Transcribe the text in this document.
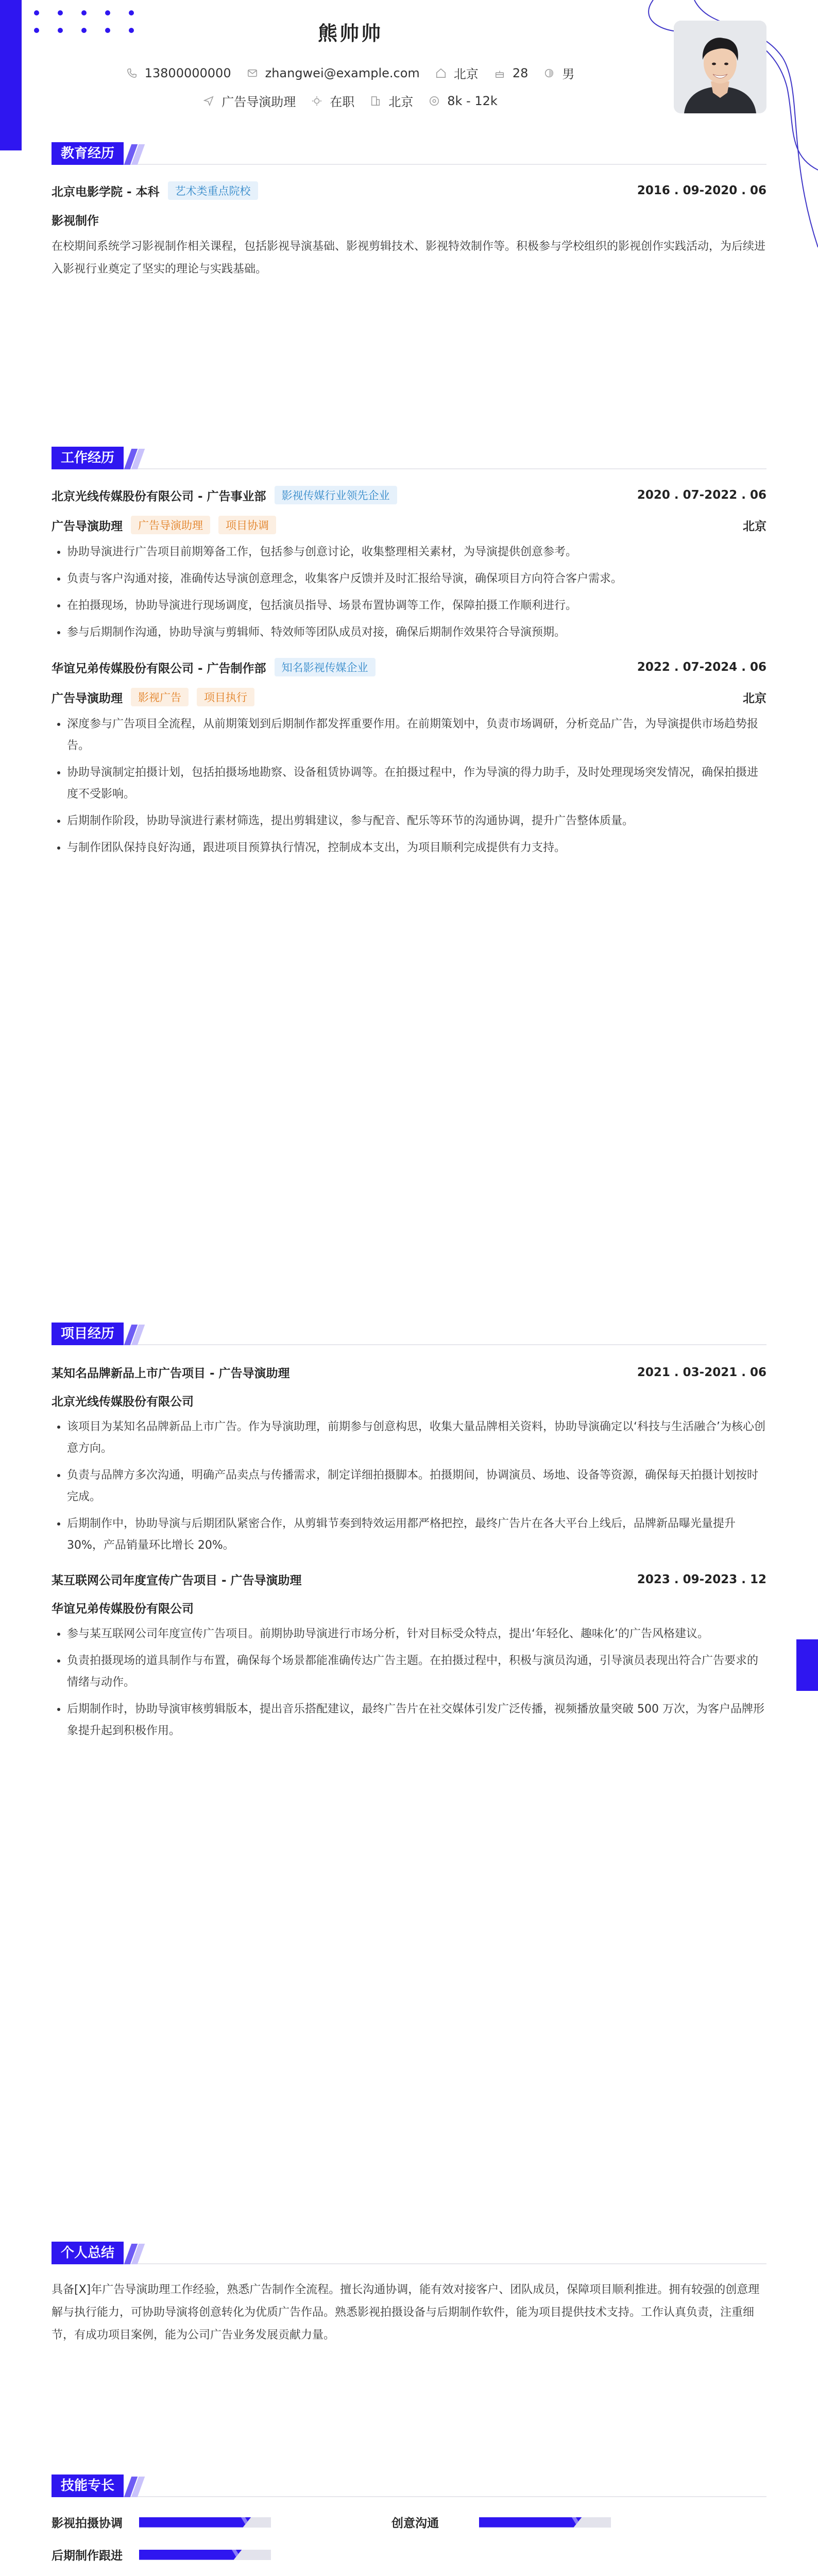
熊帅帅
13800000000	zhangwei@example.com	北京	28	男
广告导演助理	在职	北京	8k - 12k
教育经历
北京电影学院 - 本科	艺术类重点院校	2016 . 09-2020 . 06
影视制作

在校期间系统学习影视制作相关课程，包括影视导演基础、影视剪辑技术、影视特效制作等。积极参与学校组织的影视创作实践活动，为后续进入影视行业奠定了坚实的理论与实践基础。

工作经历
北京光线传媒股份有限公司 - 广告事业部	影视传媒行业领先企业	2020 . 07-2022 . 06
广告导演助理	广告导演助理	项目协调	北京
• 协助导演进行广告项目前期筹备工作，包括参与创意讨论，收集整理相关素材，为导演提供创意参考。
• 负责与客户沟通对接，准确传达导演创意理念，收集客户反馈并及时汇报给导演，确保项目方向符合客户需求。
• 在拍摄现场，协助导演进行现场调度，包括演员指导、场景布置协调等工作，保障拍摄工作顺利进行。
• 参与后期制作沟通，协助导演与剪辑师、特效师等团队成员对接，确保后期制作效果符合导演预期。
华谊兄弟传媒股份有限公司 - 广告制作部	知名影视传媒企业	2022 . 07-2024 . 06
广告导演助理	影视广告	项目执行	北京
• 深度参与广告项目全流程，从前期策划到后期制作都发挥重要作用。在前期策划中，负责市场调研，分析竞品广告，为导演提供市场趋势报告。
• 协助导演制定拍摄计划，包括拍摄场地勘察、设备租赁协调等。在拍摄过程中，作为导演的得力助手，及时处理现场突发情况，确保拍摄进度不受影响。
• 后期制作阶段，协助导演进行素材筛选，提出剪辑建议，参与配音、配乐等环节的沟通协调，提升广告整体质量。
• 与制作团队保持良好沟通，跟进项目预算执行情况，控制成本支出，为项目顺利完成提供有力支持。
项目经历
某知名品牌新品上市广告项目 - 广告导演助理	2021 . 03-2021 . 06
北京光线传媒股份有限公司
• 该项目为某知名品牌新品上市广告。作为导演助理，前期参与创意构思，收集大量品牌相关资料，协助导演确定以‘科技与生活融合’为核心创意方向。
• 负责与品牌方多次沟通，明确产品卖点与传播需求，制定详细拍摄脚本。拍摄期间，协调演员、场地、设备等资源，确保每天拍摄计划按时完成。
• 后期制作中，协助导演与后期团队紧密合作，从剪辑节奏到特效运用都严格把控，最终广告片在各大平台上线后，品牌新品曝光量提升 30%，产品销量环比增长 20%。
某互联网公司年度宣传广告项目 - 广告导演助理	2023 . 09-2023 . 12
华谊兄弟传媒股份有限公司
• 参与某互联网公司年度宣传广告项目。前期协助导演进行市场分析，针对目标受众特点，提出‘年轻化、趣味化’的广告风格建议。
• 负责拍摄现场的道具制作与布置，确保每个场景都能准确传达广告主题。在拍摄过程中，积极与演员沟通，引导演员表现出符合广告要求的情绪与动作。
• 后期制作时，协助导演审核剪辑版本，提出音乐搭配建议，最终广告片在社交媒体引发广泛传播，视频播放量突破 500 万次，为客户品牌形象提升起到积极作用。
个人总结

具备[X]年广告导演助理工作经验，熟悉广告制作全流程。擅长沟通协调，能有效对接客户、团队成员，保障项目顺利推进。拥有较强的创意理解与执行能力，可协助导演将创意转化为优质广告作品。熟悉影视拍摄设备与后期制作软件，能为项目提供技术支持。工作认真负责，注重细节，有成功项目案例，能为公司广告业务发展贡献力量。

技能专长
影视拍摄协调	创意沟通
后期制作跟进
